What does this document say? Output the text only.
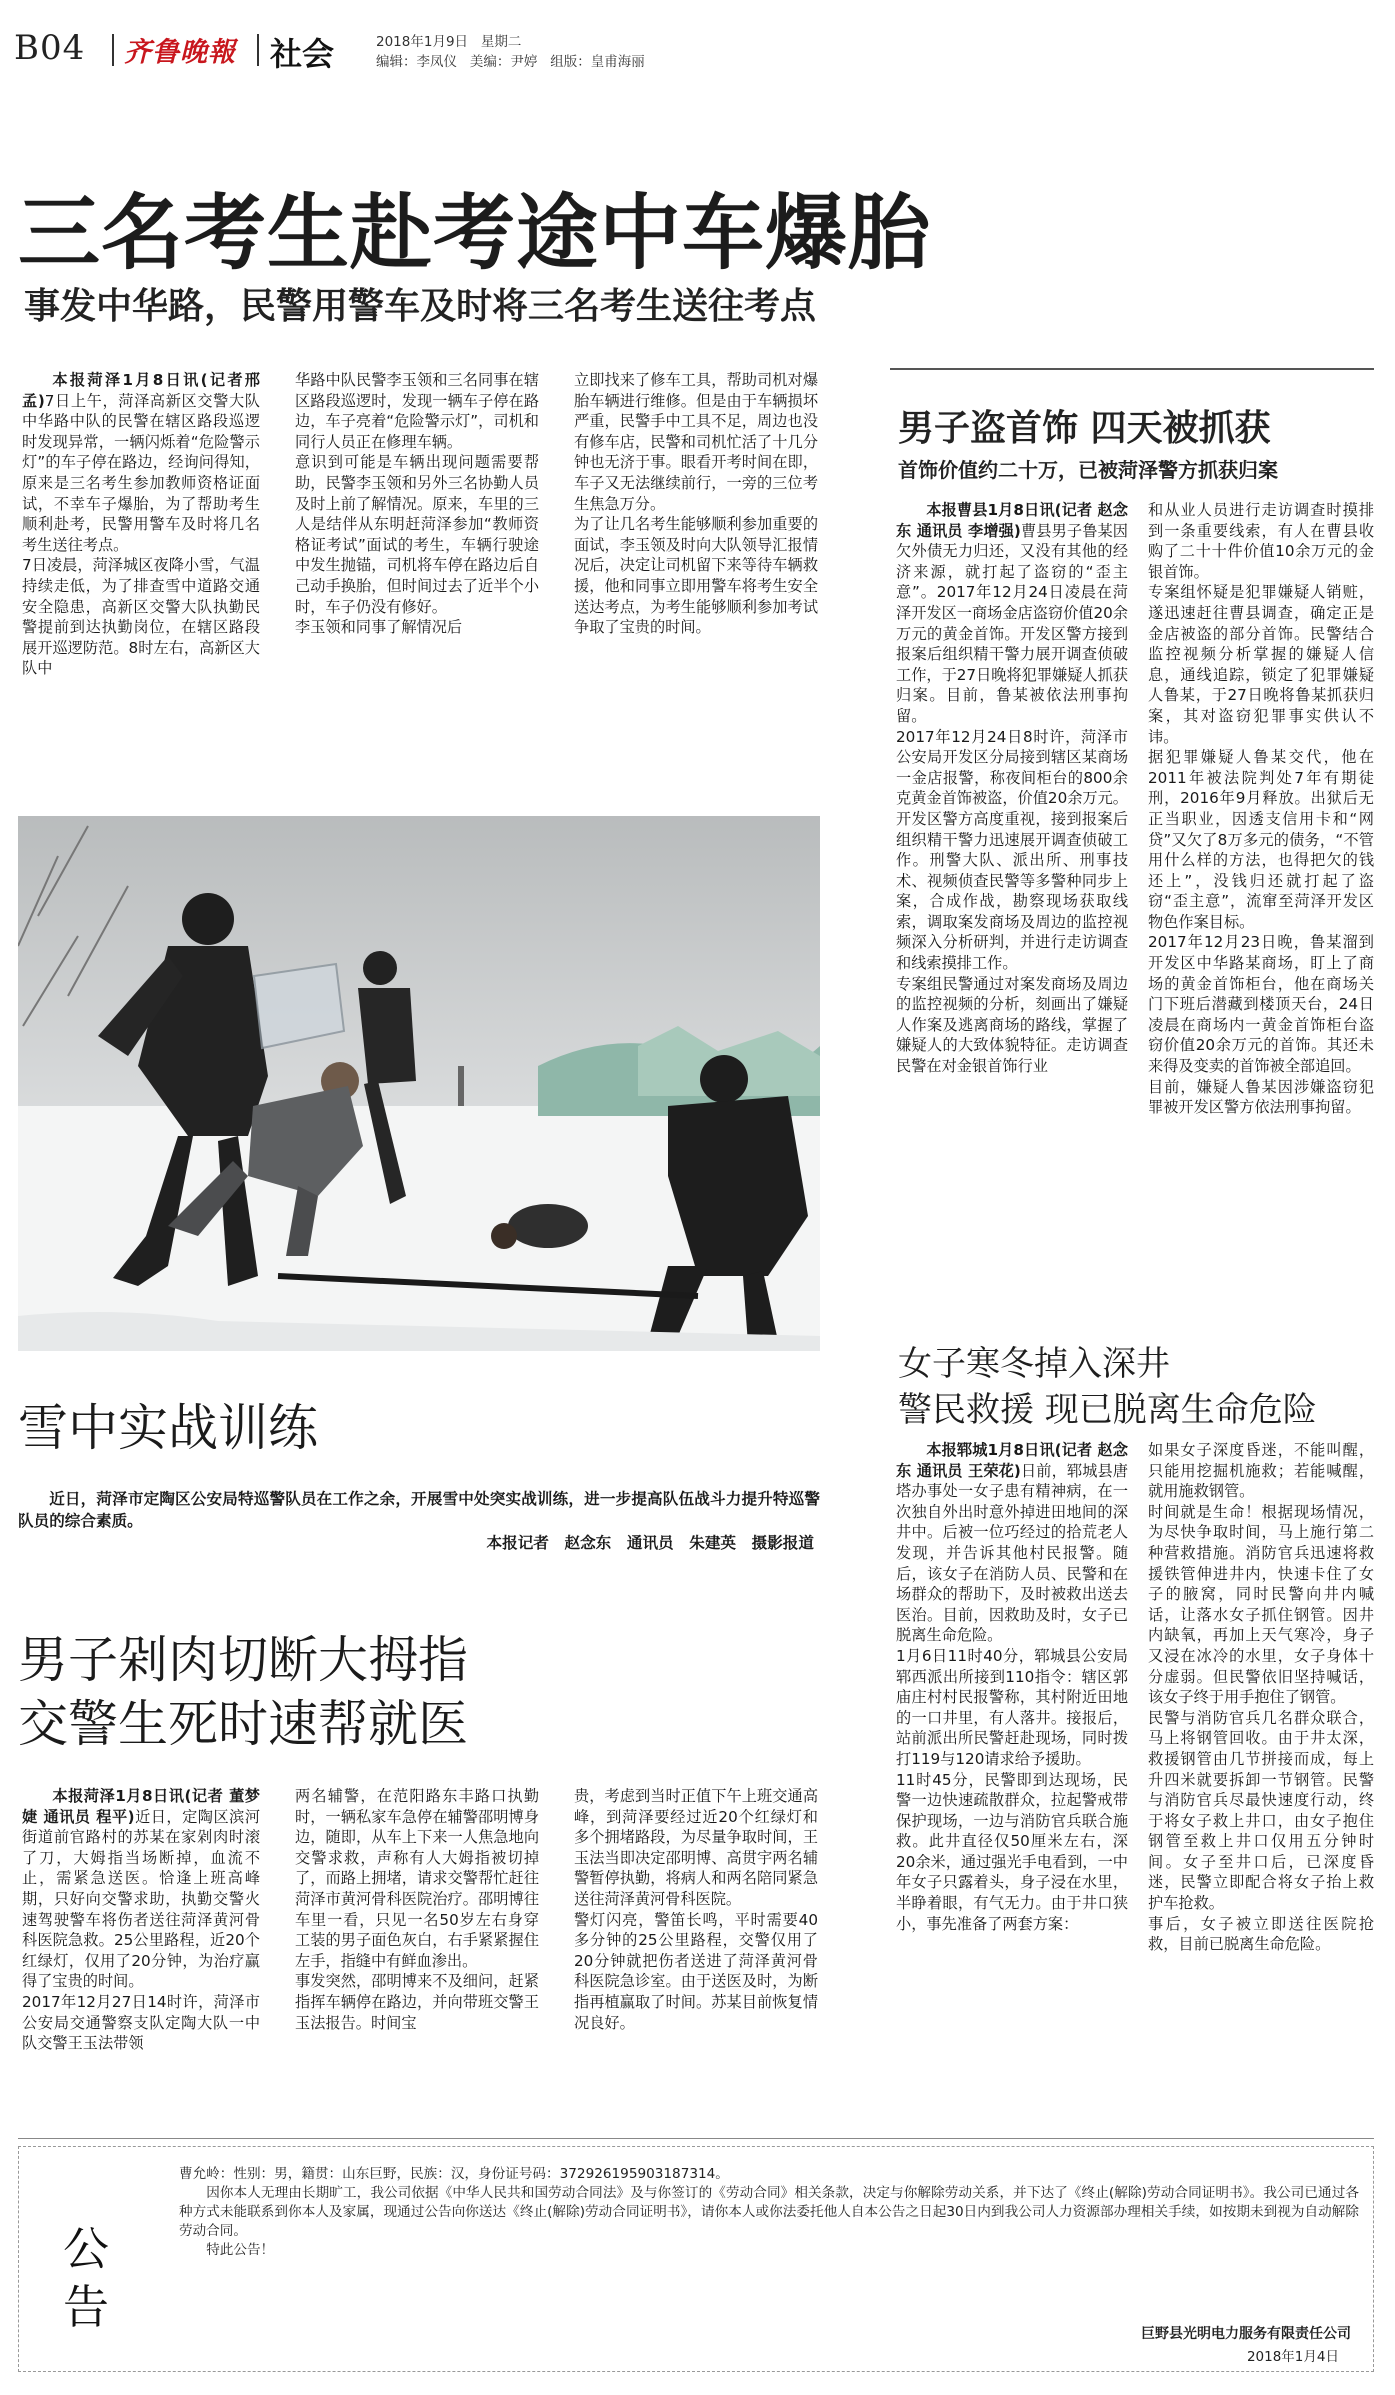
B04 齐鲁晚報 社会	2018年1月9日 星期二
编辑：李凤仪 美编：尹婷 组版：皇甫海丽
三名考生赴考途中车爆胎
事发中华路，民警用警车及时将三名考生送往考点
本报菏泽1月8日讯(记者邢孟)7日上午，菏泽高新区交警大队中华路中队的民警在辖区路段巡逻时发现异常，一辆闪烁着“危险警示灯”的车子停在路边，经询问得知，原来是三名考生参加教师资格证面试，不幸车子爆胎，为了帮助考生顺利赴考，民警用警车及时将几名考生送往考点。
7日凌晨，菏泽城区夜降小雪，气温持续走低，为了排查雪中道路交通安全隐患，高新区交警大队执勤民警提前到达执勤岗位，在辖区路段展开巡逻防范。8时左右，高新区大队中
华路中队民警李玉领和三名同事在辖区路段巡逻时，发现一辆车子停在路边，车子亮着“危险警示灯”，司机和同行人员正在修理车辆。
意识到可能是车辆出现问题需要帮助，民警李玉领和另外三名协勤人员及时上前了解情况。原来，车里的三人是结伴从东明赶菏泽参加“教师资格证考试”面试的考生，车辆行驶途中发生抛锚，司机将车停在路边后自己动手换胎，但时间过去了近半个小时，车子仍没有修好。
李玉领和同事了解情况后
立即找来了修车工具，帮助司机对爆胎车辆进行维修。但是由于车辆损坏严重，民警手中工具不足，周边也没有修车店，民警和司机忙活了十几分钟也无济于事。眼看开考时间在即，车子又无法继续前行，一旁的三位考生焦急万分。
为了让几名考生能够顺利参加重要的面试，李玉领及时向大队领导汇报情况后，决定让司机留下来等待车辆救援，他和同事立即用警车将考生安全送达考点，为考生能够顺利参加考试争取了宝贵的时间。
男子盗首饰 四天被抓获
首饰价值约二十万，已被菏泽警方抓获归案
本报曹县1月8日讯(记者 赵念东 通讯员 李增强)曹县男子鲁某因欠外债无力归还，又没有其他的经济来源，就打起了盗窃的“歪主意”。2017年12月24日凌晨在菏泽开发区一商场金店盗窃价值20余万元的黄金首饰。开发区警方接到报案后组织精干警力展开调查侦破工作，于27日晚将犯罪嫌疑人抓获归案。目前，鲁某被依法刑事拘留。
2017年12月24日8时许，菏泽市公安局开发区分局接到辖区某商场一金店报警，称夜间柜台的800余克黄金首饰被盗，价值20余万元。开发区警方高度重视，接到报案后组织精干警力迅速展开调查侦破工作。刑警大队、派出所、刑事技术、视频侦查民警等多警种同步上案，合成作战，勘察现场获取线索，调取案发商场及周边的监控视频深入分析研判，并进行走访调查和线索摸排工作。
专案组民警通过对案发商场及周边的监控视频的分析，刻画出了嫌疑人作案及逃离商场的路线，掌握了嫌疑人的大致体貌特征。走访调查民警在对金银首饰行业
和从业人员进行走访调查时摸排到一条重要线索，有人在曹县收购了二十十件价值10余万元的金银首饰。
专案组怀疑是犯罪嫌疑人销赃，遂迅速赶往曹县调查，确定正是金店被盗的部分首饰。民警结合监控视频分析掌握的嫌疑人信息，通线追踪，锁定了犯罪嫌疑人鲁某，于27日晚将鲁某抓获归案，其对盗窃犯罪事实供认不讳。
据犯罪嫌疑人鲁某交代，他在2011年被法院判处7年有期徒刑，2016年9月释放。出狱后无正当职业，因透支信用卡和“网贷”又欠了8万多元的债务，“不管用什么样的方法，也得把欠的钱还上”，没钱归还就打起了盗窃“歪主意”，流窜至菏泽开发区物色作案目标。
2017年12月23日晚，鲁某溜到开发区中华路某商场，盯上了商场的黄金首饰柜台，他在商场关门下班后潜藏到楼顶天台，24日凌晨在商场内一黄金首饰柜台盗窃价值20余万元的首饰。其还未来得及变卖的首饰被全部追回。
目前，嫌疑人鲁某因涉嫌盗窃犯罪被开发区警方依法刑事拘留。
雪中实战训练
近日，菏泽市定陶区公安局特巡警队员在工作之余，开展雪中处突实战训练，进一步提高队伍战斗力提升特巡警队员的综合素质。
本报记者　赵念东　通讯员　朱建英　摄影报道
女子寒冬掉入深井
警民救援 现已脱离生命危险
本报郓城1月8日讯(记者 赵念东 通讯员 王荣花)日前，郓城县唐塔办事处一女子患有精神病，在一次独自外出时意外掉进田地间的深井中。后被一位巧经过的拾荒老人发现，并告诉其他村民报警。随后，该女子在消防人员、民警和在场群众的帮助下，及时被救出送去医治。目前，因救助及时，女子已脱离生命危险。
1月6日11时40分，郓城县公安局郓西派出所接到110指令：辖区郭庙庄村村民报警称，其村附近田地的一口井里，有人落井。接报后，站前派出所民警赶赴现场，同时拨打119与120请求给予援助。
11时45分，民警即到达现场，民警一边快速疏散群众，拉起警戒带保护现场，一边与消防官兵联合施救。此井直径仅50厘米左右，深20余米，通过强光手电看到，一中年女子只露着头，身子浸在水里，半睁着眼，有气无力。由于井口狭小，事先准备了两套方案：
如果女子深度昏迷，不能叫醒，只能用挖掘机施救；若能喊醒，就用施救钢管。
时间就是生命！根据现场情况，为尽快争取时间，马上施行第二种营救措施。消防官兵迅速将救援铁管伸进井内，快速卡住了女子的腋窝，同时民警向井内喊话，让落水女子抓住钢管。因井内缺氧，再加上天气寒冷，身子又浸在冰冷的水里，女子身体十分虚弱。但民警依旧坚持喊话，该女子终于用手抱住了钢管。
民警与消防官兵几名群众联合，马上将钢管回收。由于井太深，救援钢管由几节拼接而成，每上升四米就要拆卸一节钢管。民警与消防官兵尽最快速度行动，终于将女子救上井口，由女子抱住钢管至救上井口仅用五分钟时间。女子至井口后，已深度昏迷，民警立即配合将女子抬上救护车抢救。
事后，女子被立即送往医院抢救，目前已脱离生命危险。
男子剁肉切断大拇指
交警生死时速帮就医
本报菏泽1月8日讯(记者 董梦婕 通讯员 程平)近日，定陶区滨河街道前官路村的苏某在家剁肉时滚了刀，大姆指当场断掉，血流不止，需紧急送医。恰逢上班高峰期，只好向交警求助，执勤交警火速驾驶警车将伤者送往菏泽黄河骨科医院急救。25公里路程，近20个红绿灯，仅用了20分钟，为治疗赢得了宝贵的时间。
2017年12月27日14时许，菏泽市公安局交通警察支队定陶大队一中队交警王玉法带领
两名辅警，在范阳路东丰路口执勤时，一辆私家车急停在辅警邵明博身边，随即，从车上下来一人焦急地向交警求救，声称有人大姆指被切掉了，而路上拥堵，请求交警帮忙赶往菏泽市黄河骨科医院治疗。邵明博往车里一看，只见一名50岁左右身穿工装的男子面色灰白，右手紧紧握住左手，指缝中有鲜血渗出。
事发突然，邵明博来不及细问，赶紧指挥车辆停在路边，并向带班交警王玉法报告。时间宝
贵，考虑到当时正值下午上班交通高峰，到菏泽要经过近20个红绿灯和多个拥堵路段，为尽量争取时间，王玉法当即决定邵明博、高贯宇两名辅警暂停执勤，将病人和两名陪同紧急送往菏泽黄河骨科医院。
警灯闪亮，警笛长鸣，平时需要40多分钟的25公里路程，交警仅用了20分钟就把伤者送进了菏泽黄河骨科医院急诊室。由于送医及时，为断指再植赢取了时间。苏某目前恢复情况良好。
公
告
曹允岭：性别：男，籍贯：山东巨野，民族：汉，身份证号码：372926195903187314。
因你本人无理由长期旷工，我公司依据《中华人民共和国劳动合同法》及与你签订的《劳动合同》相关条款，决定与你解除劳动关系，并下达了《终止(解除)劳动合同证明书》。我公司已通过各种方式未能联系到你本人及家属，现通过公告向你送达《终止(解除)劳动合同证明书》，请你本人或你法委托他人自本公告之日起30日内到我公司人力资源部办理相关手续，如按期未到视为自动解除劳动合同。
特此公告！
巨野县光明电力服务有限责任公司
2018年1月4日
